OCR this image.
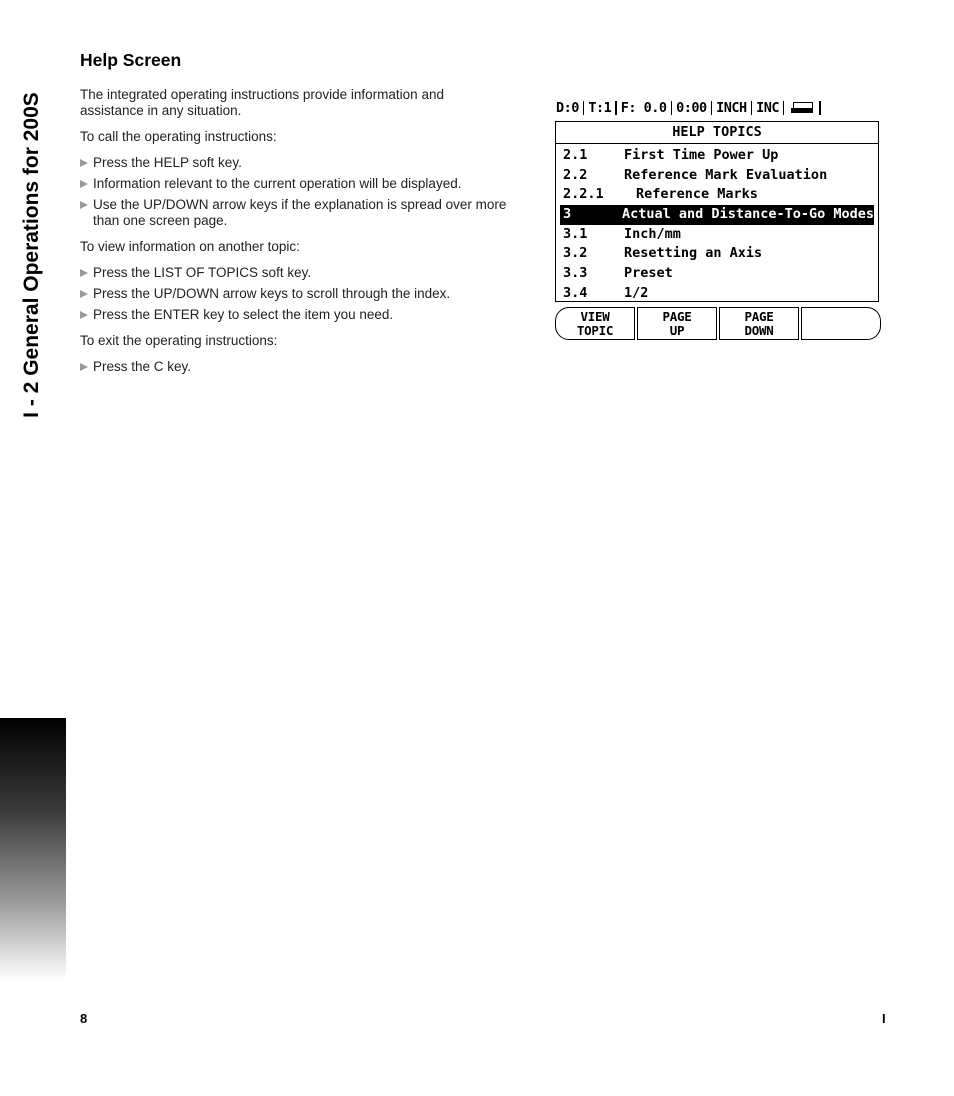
I - 2 General Operations for 200S
Help Screen

The integrated operating instructions provide information and assistance in any situation.

To call the operating instructions:

Press the HELP soft key.
Information relevant to the current operation will be displayed.
Use the UP/DOWN arrow keys if the explanation is spread over more than one screen page.

To view information on another topic:

Press the LIST OF TOPICS soft key.
Press the UP/DOWN arrow keys to scroll through the index.
Press the ENTER key to select the item you need.

To exit the operating instructions:

Press the C key.
D:0 T:1 F: 0.0 0:00 INCH INC
HELP TOPICS
2.1	First Time Power Up
2.2	Reference Mark Evaluation
2.2.1	Reference Marks
3	Actual and Distance-To-Go Modes
3.1	Inch/mm
3.2	Resetting an Axis
3.3	Preset
3.4	1/2
VIEW
TOPIC
PAGE
UP
PAGE
DOWN
8	I
